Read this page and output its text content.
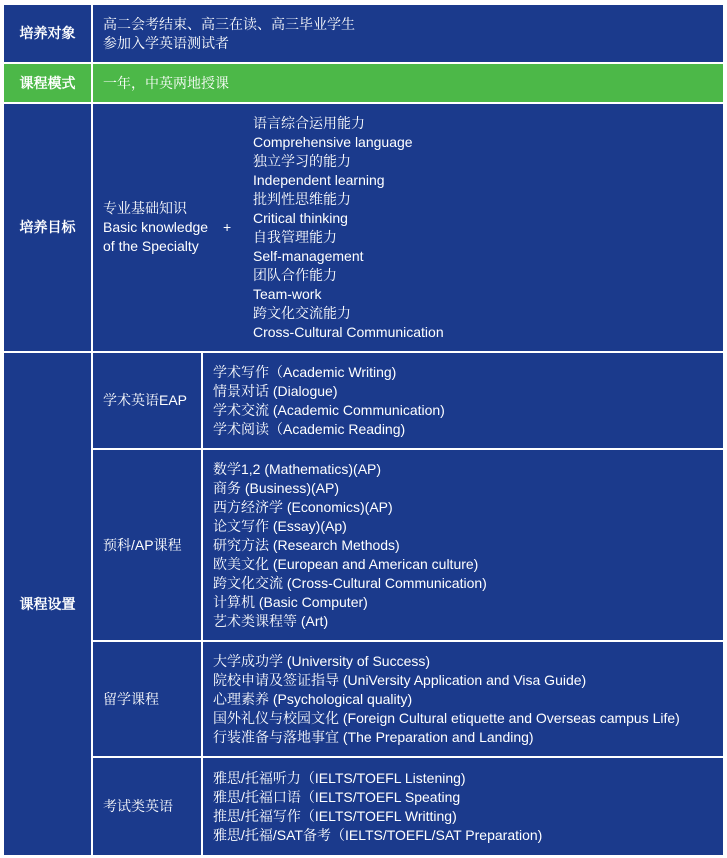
培养对象
高二会考结束、高三在读、高三毕业学生
参加入学英语测试者
课程模式 一年，中英两地授课
培养目标
专业基础知识
Basic knowledge
of the Specialty
+
语言综合运用能力
Comprehensive language
独立学习的能力
Independent learning
批判性思维能力
Critical thinking
自我管理能力
Self-management
团队合作能力
Team-work
跨文化交流能力
Cross-Cultural Communication
课程设置
学术英语EAP
学术写作（Academic Writing)
情景对话 (Dialogue)
学术交流 (Academic Communication)
学术阅读（Academic Reading)
预科/AP课程
数学1,2 (Mathematics)(AP)
商务 (Business)(AP)
西方经济学 (Economics)(AP)
论文写作 (Essay)(Ap)
研究方法 (Research Methods)
欧美文化 (European and American culture)
跨文化交流 (Cross-Cultural Communication)
计算机 (Basic Computer)
艺术类课程等 (Art)
留学课程
大学成功学 (University of Success)
院校申请及签证指导 (UniVersity Application and Visa Guide)
心理素养 (Psychological quality)
国外礼仪与校园文化 (Foreign Cultural etiquette and Overseas campus Life)
行装准备与落地事宜 (The Preparation and Landing)
考试类英语
雅思/托福听力（IELTS/TOEFL Listening)
雅思/托福口语（IELTS/TOEFL Speating
推思/托福写作（IELTS/TOEFL Writting)
雅思/托福/SAT备考（IELTS/TOEFL/SAT Preparation)
